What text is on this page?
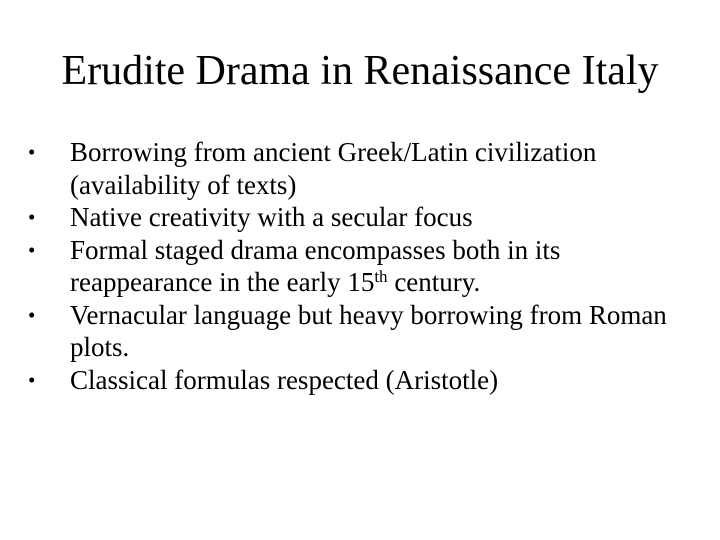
Erudite Drama in Renaissance Italy
•	Borrowing from ancient Greek/Latin civilization (availability of texts)
•	Native creativity with a secular focus
•	Formal staged drama encompasses both in its reappearance in the early 15th century.
•	Vernacular language but heavy borrowing from Roman plots.
•	Classical formulas respected (Aristotle)
